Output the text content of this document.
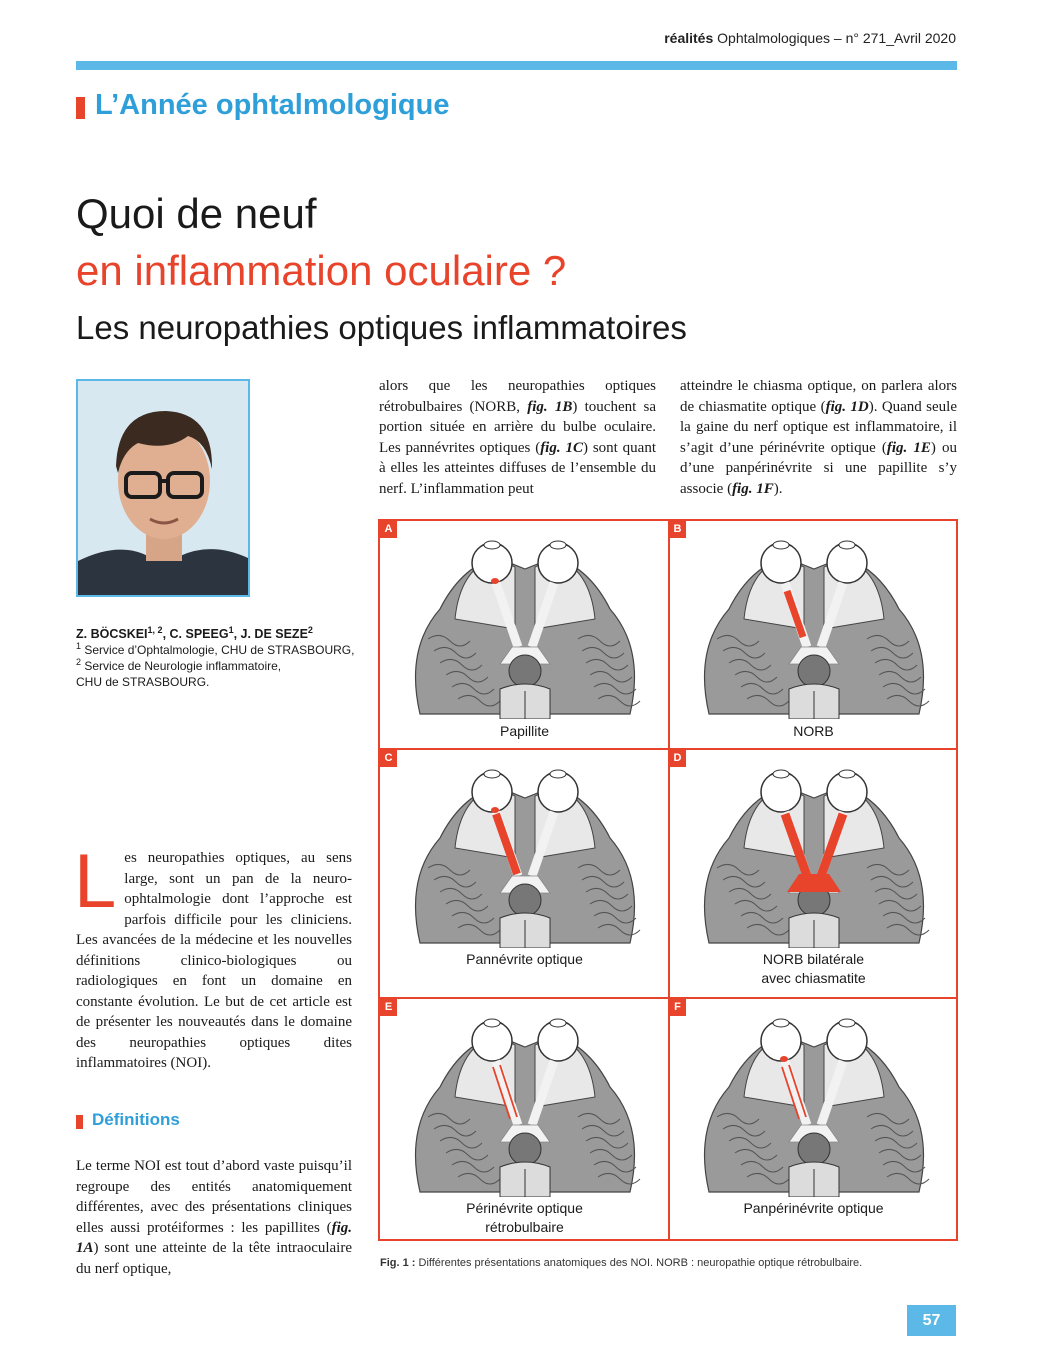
réalités Ophtalmologiques – n° 271_Avril 2020
L’Année ophtalmologique
Quoi de neuf
en inflammation oculaire ?
Les neuropathies optiques inflammatoires
Z. BÖCSKEI$^{1, 2}$, C. SPEEG$^1$, J. DE SEZE$^2$
$^1$ Service d’Ophtalmologie, CHU de STRASBOURG,
$^2$ Service de Neurologie inflammatoire,
CHU de STRASBOURG.
Les neuropathies optiques, au sens large, sont un pan de la neuro-ophtalmologie dont l’approche est parfois difficile pour les cliniciens. Les avancées de la médecine et les nouvelles définitions clinico-biologiques ou radiologiques en font un domaine en constante évolution. Le but de cet article est de présenter les nouveautés dans le domaine des neuropathies optiques dites inflammatoires (NOI).
Définitions
Le terme NOI est tout d’abord vaste puisqu’il regroupe des entités anatomiquement différentes, avec des présentations cliniques elles aussi protéiformes : les papillites (fig. 1A) sont une atteinte de la tête intraoculaire du nerf optique,
alors que les neuropathies optiques rétrobulbaires (NORB, fig. 1B) touchent sa portion située en arrière du bulbe oculaire. Les pannévrites optiques (fig. 1C) sont quant à elles les atteintes diffuses de l’ensemble du nerf. L’inflammation peut
atteindre le chiasma optique, on parlera alors de chiasmatite optique (fig. 1D). Quand seule la gaine du nerf optique est inflammatoire, il s’agit d’une périnévrite optique (fig. 1E) ou d’une panpérinévrite si une papillite s’y associe (fig. 1F).
A
Papillite
B
NORB
C
Pannévrite optique
D
NORB bilatérale
avec chiasmatite
E
Périnévrite optique
rétrobulbaire
F
Panpérinévrite optique
Fig. 1 : Différentes présentations anatomiques des NOI. NORB : neuropathie optique rétrobulbaire.
57
